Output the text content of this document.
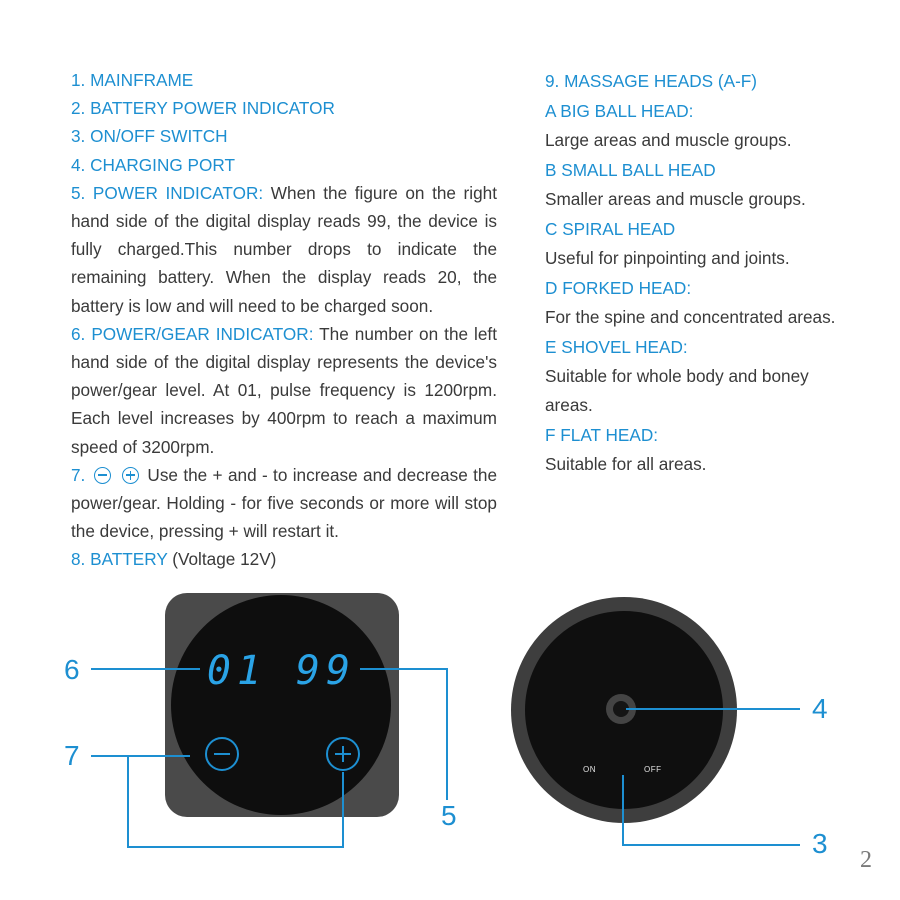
1. MAINFRAME
2. BATTERY POWER INDICATOR
3. ON/OFF SWITCH
4. CHARGING PORT
5. POWER INDICATOR: When the figure on the right hand side of the digital display reads 99, the device is fully charged.This number drops to indicate the remaining battery. When the display reads 20, the battery is low and will need to be charged soon.
6. POWER/GEAR INDICATOR: The number on the left hand side of the digital display represents the device's power/gear level. At 01, pulse frequency is 1200rpm. Each level increases by 400rpm to reach a maximum speed of 3200rpm.
7.	Use the + and - to increase and decrease the power/gear. Holding - for five seconds or more will stop the device, pressing + will restart it.
8. BATTERY (Voltage 12V)
9. MASSAGE HEADS (A-F)
A BIG BALL HEAD:
Large areas and muscle groups.
B SMALL BALL HEAD
Smaller areas and muscle groups.
C SPIRAL HEAD
Useful for pinpointing and joints.
D FORKED HEAD:
For the spine and concentrated areas.
E SHOVEL HEAD:
Suitable for whole body and boney areas.
F FLAT HEAD:
Suitable for all areas.
01 99
ON	OFF
6
7
5
4
3
2
